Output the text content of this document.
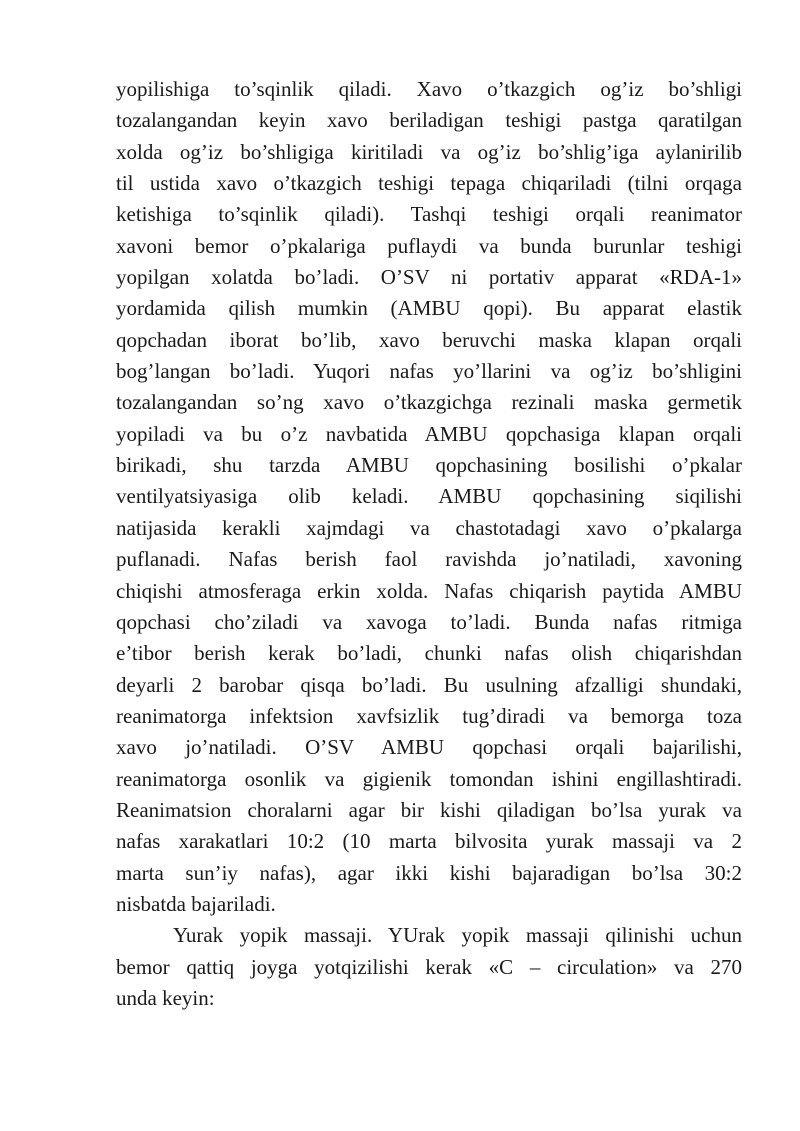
yopilishiga to’sqinlik qiladi. Xavo o’tkazgich og’iz bo’shligi
tozalangandan keyin xavo beriladigan teshigi pastga qaratilgan
xolda og’iz bo’shligiga kiritiladi va og’iz bo’shlig’iga aylanirilib
til ustida xavo o’tkazgich teshigi tepaga chiqariladi (tilni orqaga
ketishiga to’sqinlik qiladi). Tashqi teshigi orqali reanimator
xavoni bemor o’pkalariga puflaydi va bunda burunlar teshigi
yopilgan xolatda bo’ladi. O’SV ni portativ apparat «RDA-1»
yordamida qilish mumkin (AMBU qopi). Bu apparat elastik
qopchadan iborat bo’lib, xavo beruvchi maska klapan orqali
bog’langan bo’ladi. Yuqori nafas yo’llarini va og’iz bo’shligini
tozalangandan so’ng xavo o’tkazgichga rezinali maska germetik
yopiladi va bu o’z navbatida AMBU qopchasiga klapan orqali
birikadi, shu tarzda AMBU qopchasining bosilishi o’pkalar
ventilyatsiyasiga olib keladi. AMBU qopchasining siqilishi
natijasida kerakli xajmdagi va chastotadagi xavo o’pkalarga
puflanadi. Nafas berish faol ravishda jo’natiladi, xavoning
chiqishi atmosferaga erkin xolda. Nafas chiqarish paytida AMBU
qopchasi cho’ziladi va xavoga to’ladi. Bunda nafas ritmiga
e’tibor berish kerak bo’ladi, chunki nafas olish chiqarishdan
deyarli 2 barobar qisqa bo’ladi. Bu usulning afzalligi shundaki,
reanimatorga infektsion xavfsizlik tug’diradi va bemorga toza
xavo jo’natiladi. O’SV AMBU qopchasi orqali bajarilishi,
reanimatorga osonlik va gigienik tomondan ishini engillashtiradi.
Reanimatsion choralarni agar bir kishi qiladigan bo’lsa yurak va
nafas xarakatlari 10:2 (10 marta bilvosita yurak massaji va 2
marta sun’iy nafas), agar ikki kishi bajaradigan bo’lsa 30:2
nisbatda bajariladi.
Yurak yopik massaji. YUrak yopik massaji qilinishi uchun
bemor qattiq joyga yotqizilishi kerak «C – circulation» va 270
unda keyin:
